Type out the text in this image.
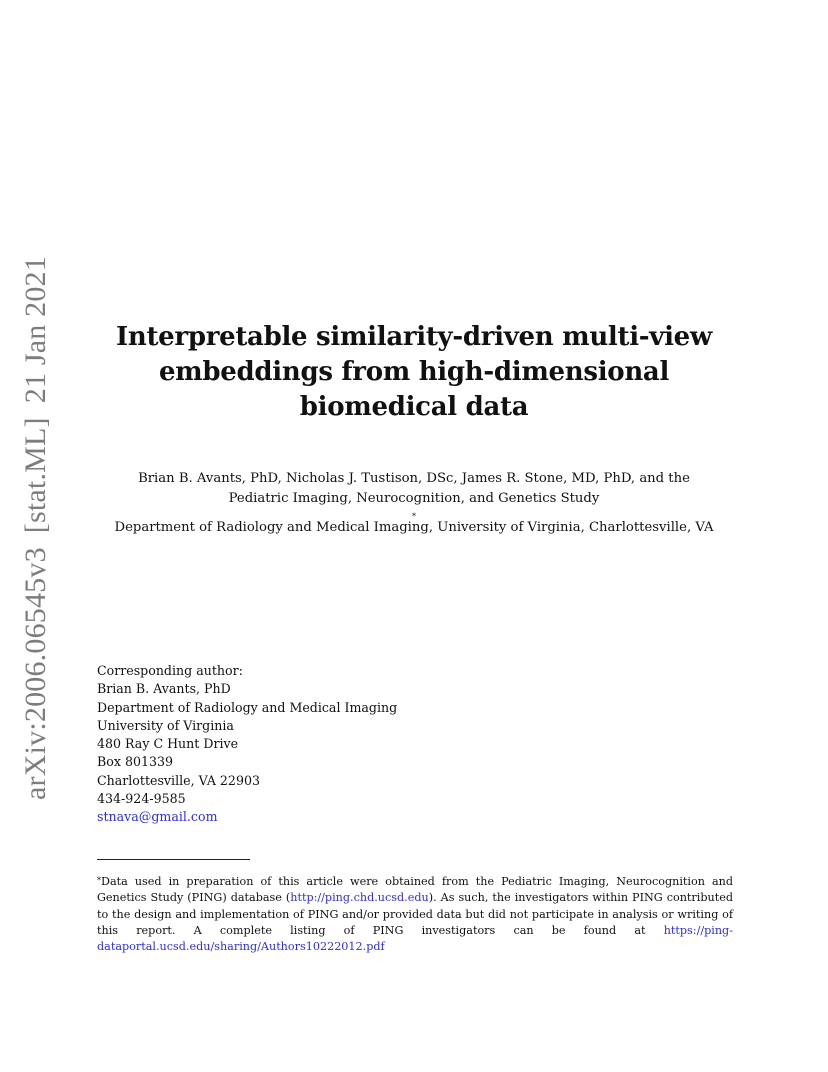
arXiv:2006.06545v3[stat.ML]21 Jan 2021	Interpretable similarity-driven multi-view
embeddings from high-dimensional
biomedical data
Brian B. Avants, PhD, Nicholas J. Tustison, DSc, James R. Stone, MD, PhD, and the
Pediatric Imaging, Neurocognition, and Genetics Study
*
Department of Radiology and Medical Imaging, University of Virginia, Charlottesville, VA
Corresponding author:
Brian B. Avants, PhD
Department of Radiology and Medical Imaging
University of Virginia
480 Ray C Hunt Drive
Box 801339
Charlottesville, VA 22903
434-924-9585
stnava@gmail.com
*Data used in preparation of this article were obtained from the Pediatric Imaging, Neurocognition and Genetics Study (PING) database (http://ping.chd.ucsd.edu). As such, the investigators within PING contributed to the design and implementation of PING and/or provided data but did not participate in analysis or writing of this report. A complete listing of PING investigators can be found at https://ping-dataportal.ucsd.edu/sharing/Authors10222012.pdf
